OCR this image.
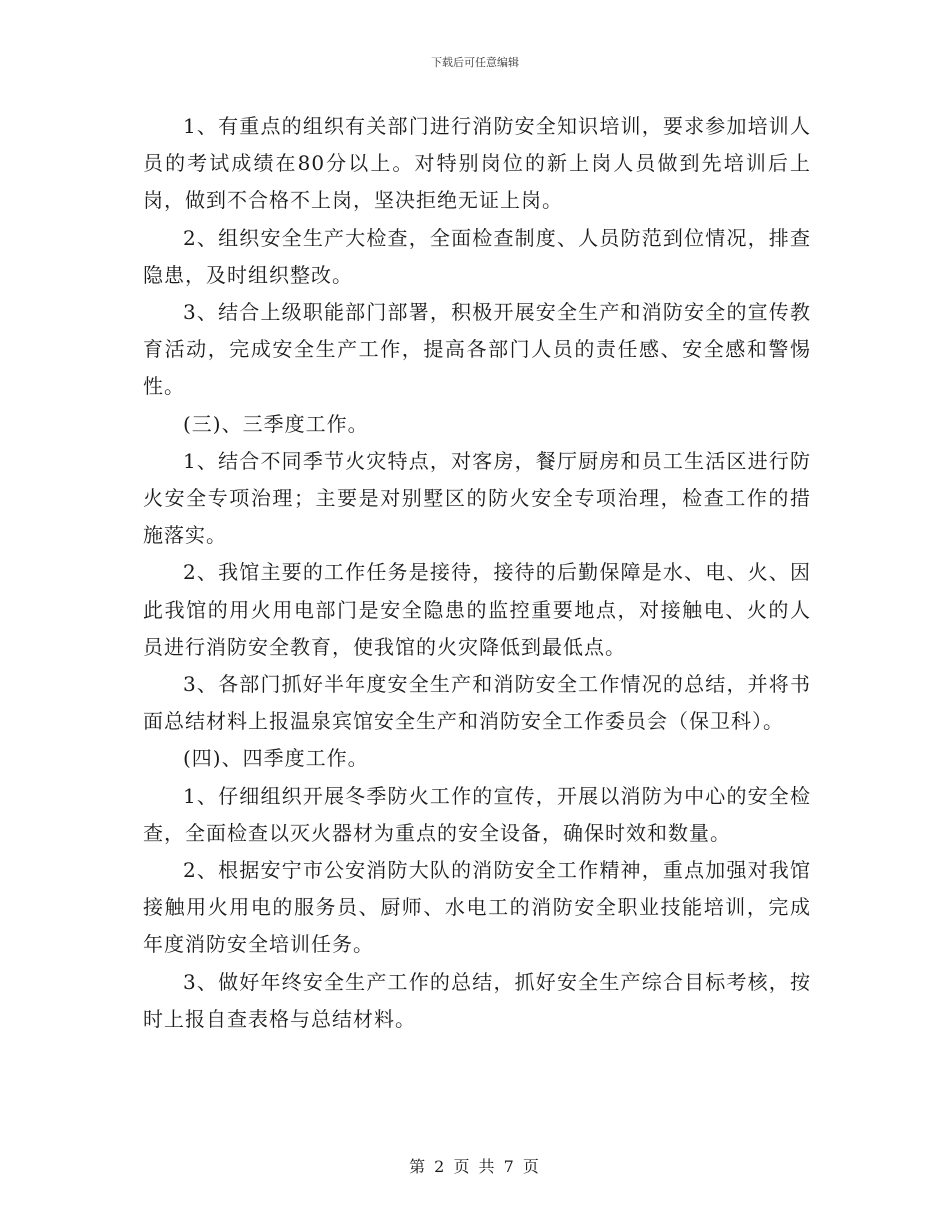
下载后可任意编辑

1、有重点的组织有关部门进行消防安全知识培训，要求参加培训人员的考试成绩在80分以上。对特别岗位的新上岗人员做到先培训后上岗，做到不合格不上岗，坚决拒绝无证上岗。

2、组织安全生产大检查，全面检查制度、人员防范到位情况，排查隐患，及时组织整改。

3、结合上级职能部门部署，积极开展安全生产和消防安全的宣传教育活动，完成安全生产工作，提高各部门人员的责任感、安全感和警惕性。

(三)、三季度工作。

1、结合不同季节火灾特点，对客房，餐厅厨房和员工生活区进行防火安全专项治理；主要是对别墅区的防火安全专项治理，检查工作的措施落实。

2、我馆主要的工作任务是接待，接待的后勤保障是水、电、火、因此我馆的用火用电部门是安全隐患的监控重要地点，对接触电、火的人员进行消防安全教育，使我馆的火灾降低到最低点。

3、各部门抓好半年度安全生产和消防安全工作情况的总结，并将书面总结材料上报温泉宾馆安全生产和消防安全工作委员会（保卫科）。

(四)、四季度工作。

1、仔细组织开展冬季防火工作的宣传，开展以消防为中心的安全检查，全面检查以灭火器材为重点的安全设备，确保时效和数量。

2、根据安宁市公安消防大队的消防安全工作精神，重点加强对我馆接触用火用电的服务员、厨师、水电工的消防安全职业技能培训，完成年度消防安全培训任务。

3、做好年终安全生产工作的总结，抓好安全生产综合目标考核，按时上报自查表格与总结材料。

第 2 页 共 7 页
